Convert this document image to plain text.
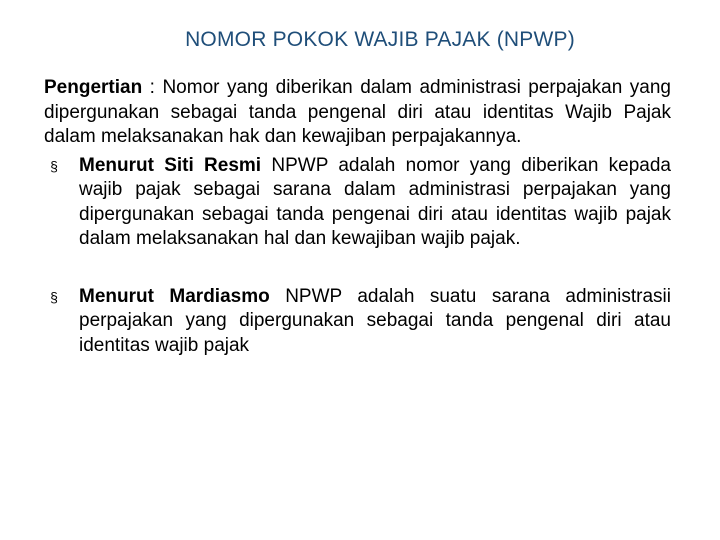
NOMOR POKOK WAJIB PAJAK (NPWP)

Pengertian : Nomor yang diberikan dalam administrasi perpajakan yang dipergunakan sebagai tanda pengenal diri atau identitas Wajib Pajak dalam melaksanakan hak dan kewajiban perpajakannya.

§	Menurut Siti Resmi NPWP adalah nomor yang diberikan kepada wajib pajak sebagai sarana dalam administrasi perpajakan yang dipergunakan sebagai tanda pengenai diri atau identitas wajib pajak dalam melaksanakan hal dan kewajiban wajib pajak.

§	Menurut Mardiasmo NPWP adalah suatu sarana administrasii perpajakan yang dipergunakan sebagai tanda pengenal diri atau identitas wajib pajak
